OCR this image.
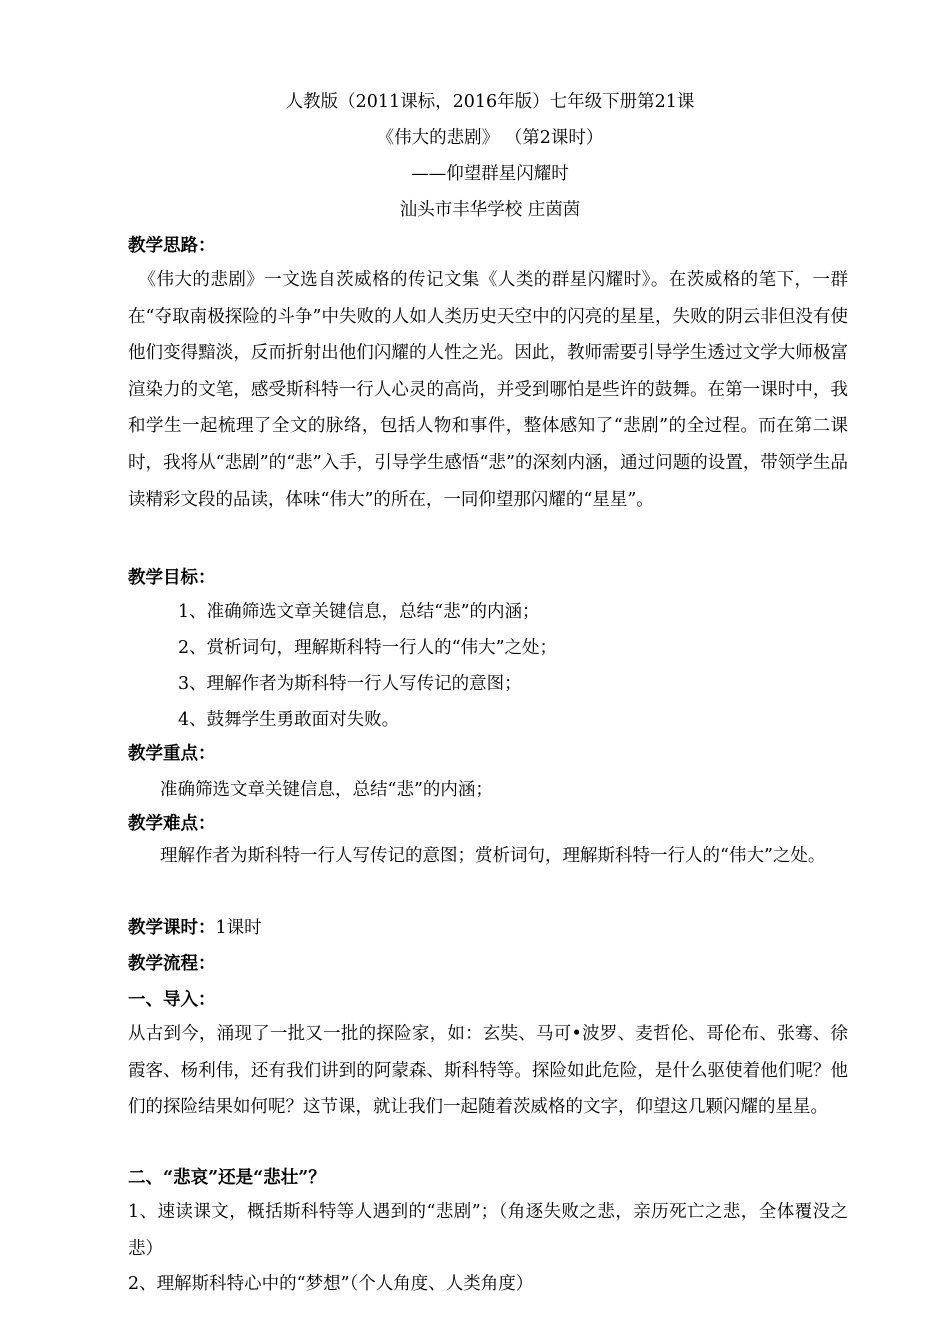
人教版（2011课标，2016年版）七年级下册第21课
《伟大的悲剧》 （第2课时）
——仰望群星闪耀时
汕头市丰华学校 庄茵茵
教学思路：
《伟大的悲剧》一文选自茨威格的传记文集《人类的群星闪耀时》。在茨威格的笔下，一群在“夺取南极探险的斗争”中失败的人如人类历史天空中的闪亮的星星，失败的阴云非但没有使他们变得黯淡，反而折射出他们闪耀的人性之光。因此，教师需要引导学生透过文学大师极富渲染力的文笔，感受斯科特一行人心灵的高尚，并受到哪怕是些许的鼓舞。在第一课时中，我和学生一起梳理了全文的脉络，包括人物和事件，整体感知了“悲剧”的全过程。而在第二课时，我将从“悲剧”的“悲”入手，引导学生感悟“悲”的深刻内涵，通过问题的设置，带领学生品读精彩文段的品读，体味“伟大”的所在，一同仰望那闪耀的“星星”。
教学目标：
1、准确筛选文章关键信息，总结“悲”的内涵；
2、赏析词句，理解斯科特一行人的“伟大”之处；
3、理解作者为斯科特一行人写传记的意图；
4、鼓舞学生勇敢面对失败。
教学重点：
准确筛选文章关键信息，总结“悲”的内涵；
教学难点：
理解作者为斯科特一行人写传记的意图；赏析词句，理解斯科特一行人的“伟大”之处。
教学课时：1课时
教学流程：
一、导入：
从古到今，涌现了一批又一批的探险家，如：玄奘、马可•波罗、麦哲伦、哥伦布、张骞、徐霞客、杨利伟，还有我们讲到的阿蒙森、斯科特等。探险如此危险，是什么驱使着他们呢？他们的探险结果如何呢？这节课，就让我们一起随着茨威格的文字，仰望这几颗闪耀的星星。
二、“悲哀”还是“悲壮”？
1、速读课文，概括斯科特等人遇到的“悲剧”；（角逐失败之悲，亲历死亡之悲，全体覆没之悲）
2、理解斯科特心中的“梦想”（个人角度、人类角度）
